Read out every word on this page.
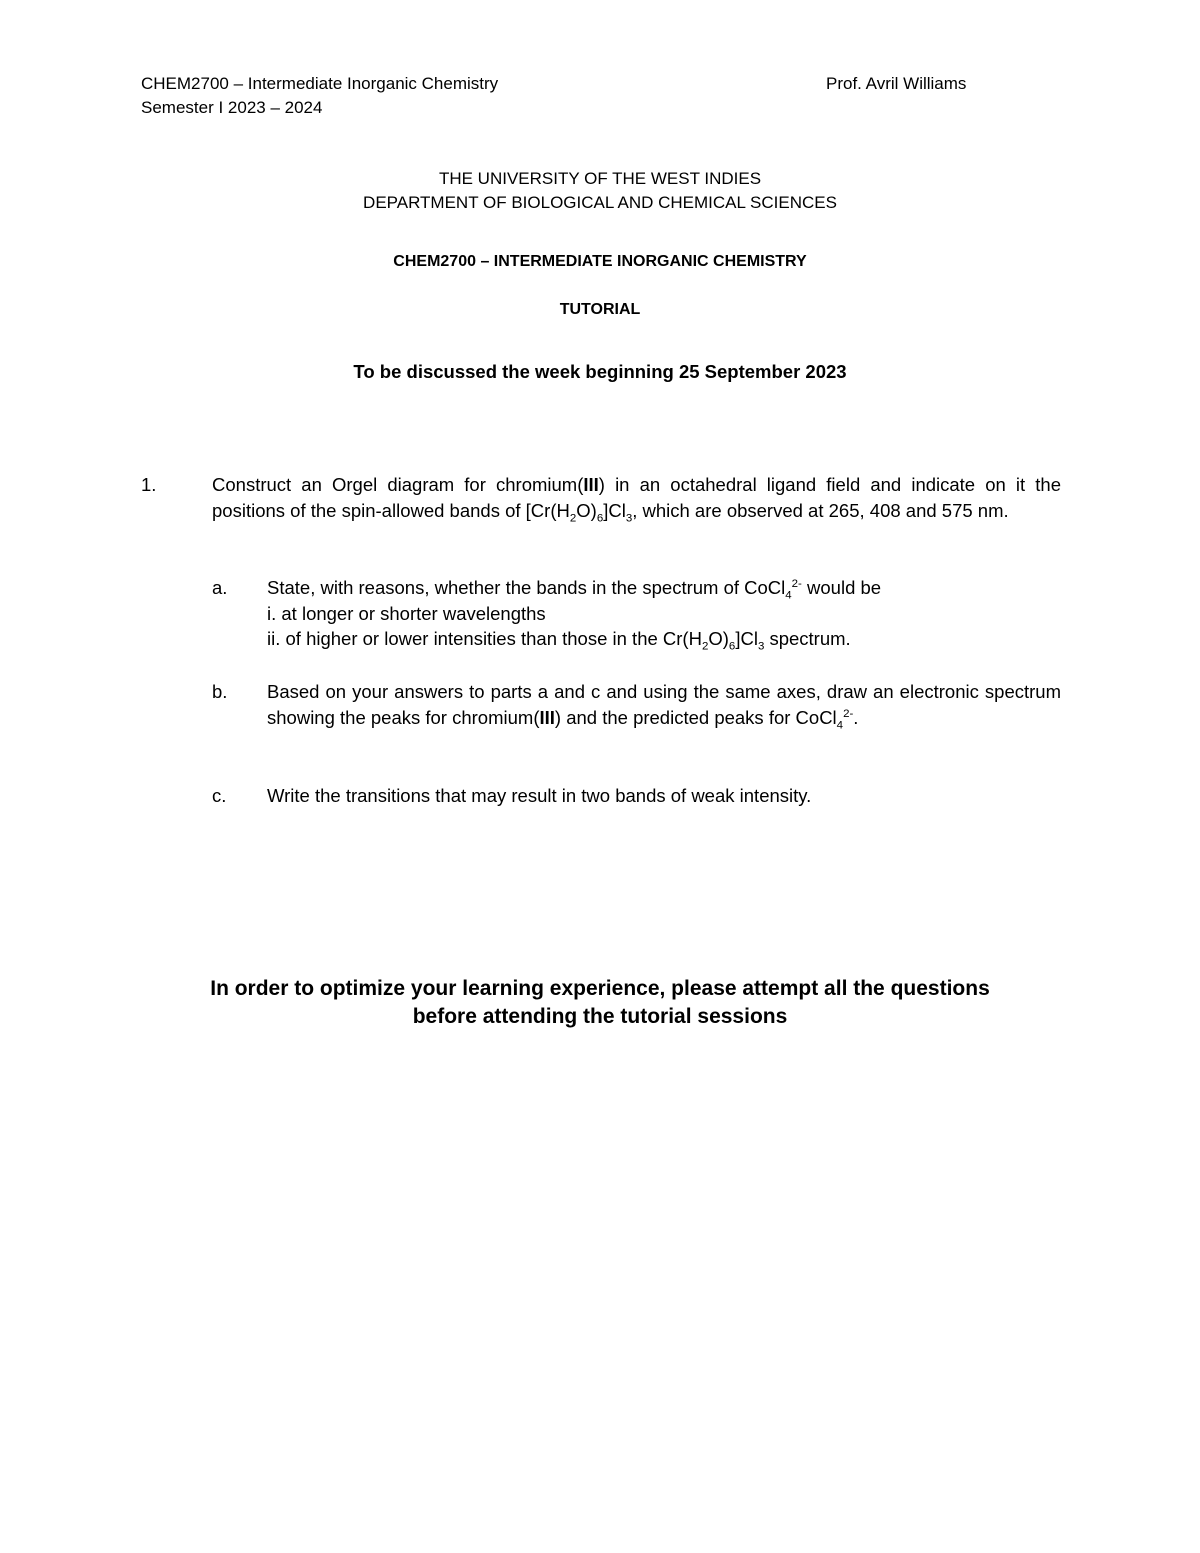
CHEM2700 – Intermediate Inorganic Chemistry
Semester I 2023 – 2024
Prof. Avril Williams
THE UNIVERSITY OF THE WEST INDIES
DEPARTMENT OF BIOLOGICAL AND CHEMICAL SCIENCES
CHEM2700 – INTERMEDIATE INORGANIC CHEMISTRY
TUTORIAL
To be discussed the week beginning 25 September 2023
1.	Construct an Orgel diagram for chromium(III) in an octahedral ligand field and indicate on it the positions of the spin-allowed bands of $[Cr(H_2O)_6]Cl_3$, which are observed at 265, 408 and 575 nm.
a. State, with reasons, whether the bands in the spectrum of CoCl$_4^{2-}$ would be
i. at longer or shorter wavelengths
ii. of higher or lower intensities than those in the $Cr(H_2O)_6]Cl_3$ spectrum.
b. Based on your answers to parts a and c and using the same axes, draw an electronic spectrum showing the peaks for chromium(III) and the predicted peaks for CoCl$_4^{2-}$.
c. Write the transitions that may result in two bands of weak intensity.
In order to optimize your learning experience, please attempt all the questions
before attending the tutorial sessions
